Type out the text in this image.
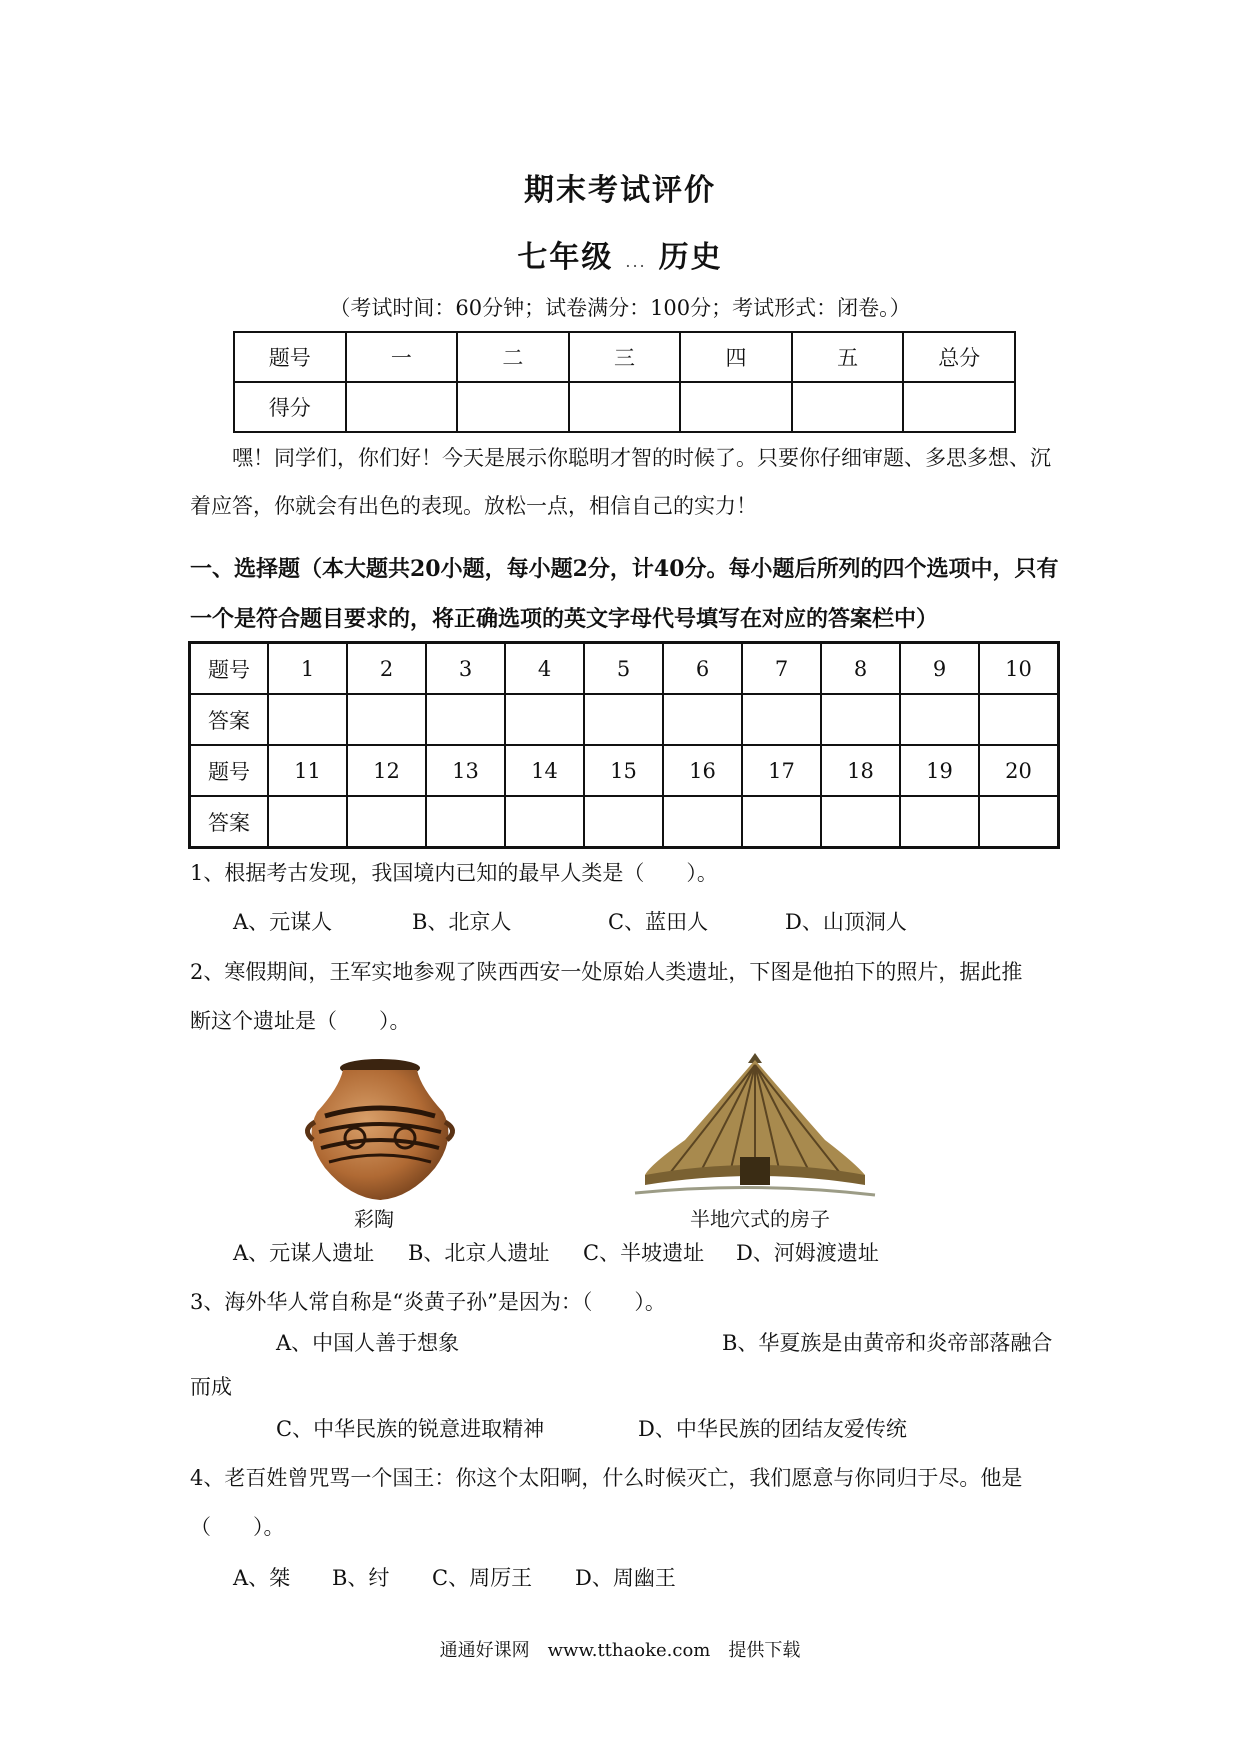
期末考试评价
七年级 ... 历史
（考试时间：60分钟；试卷满分：100分；考试形式：闭卷。）
题号	一	二	三	四	五	总分
得分						
嘿！同学们，你们好！今天是展示你聪明才智的时候了。只要你仔细审题、多思多想、沉着应答，你就会有出色的表现。放松一点，相信自己的实力！
一、选择题（本大题共20小题，每小题2分，计40分。每小题后所列的四个选项中，只有一个是符合题目要求的，将正确选项的英文字母代号填写在对应的答案栏中）
题号	1	2	3	4	5	6	7	8	9	10
答案										
题号	11	12	13	14	15	16	17	18	19	20
答案										
1、根据考古发现，我国境内已知的最早人类是（　　）。
A、元谋人	B、北京人	C、蓝田人	D、山顶洞人
2、寒假期间，王军实地参观了陕西西安一处原始人类遗址，下图是他拍下的照片，据此推
断这个遗址是（　　）。
彩陶	半地穴式的房子
A、元谋人遗址 B、北京人遗址 C、半坡遗址 D、河姆渡遗址
3、海外华人常自称是“炎黄子孙”是因为：（　　）。
A、中国人善于想象	B、华夏族是由黄帝和炎帝部落融合
而成
C、中华民族的锐意进取精神	D、中华民族的团结友爱传统
4、老百姓曾咒骂一个国王：你这个太阳啊，什么时候灭亡，我们愿意与你同归于尽。他是
（　　）。
A、桀 B、纣 C、周厉王 D、周幽王
通通好课网　www.tthaoke.com　提供下载
